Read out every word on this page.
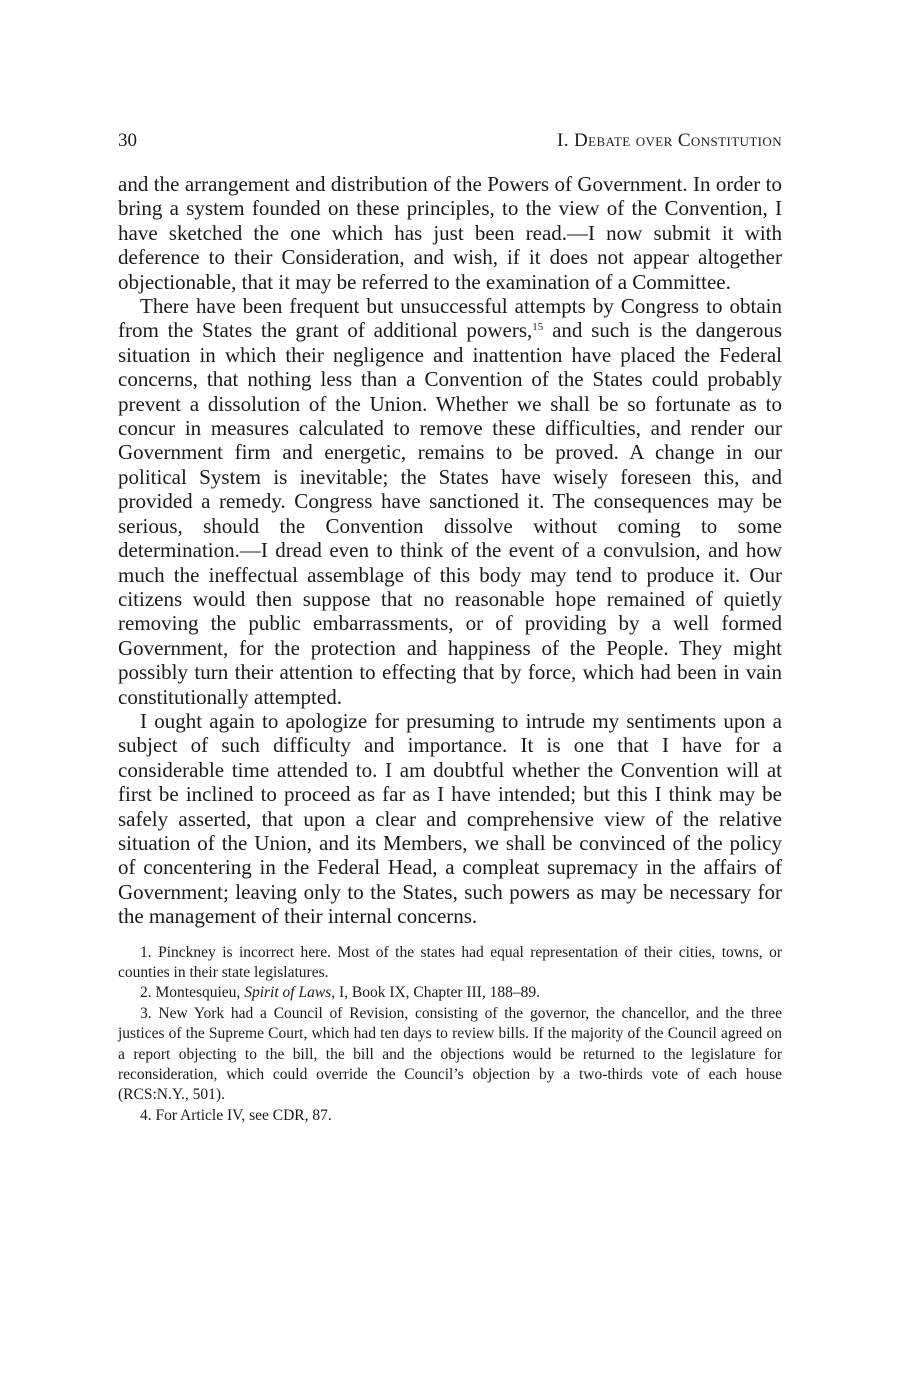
30	I. Debate over Constitution

and the arrangement and distribution of the Powers of Government. In order to bring a system founded on these principles, to the view of the Convention, I have sketched the one which has just been read.—I now submit it with deference to their Consideration, and wish, if it does not appear altogether objectionable, that it may be referred to the examination of a Committee.

There have been frequent but unsuccessful attempts by Congress to obtain from the States the grant of additional powers,$^{15}$ and such is the dangerous situation in which their negligence and inattention have placed the Federal concerns, that nothing less than a Convention of the States could probably prevent a dissolution of the Union. Whether we shall be so fortunate as to concur in measures calculated to remove these difficulties, and render our Government firm and energetic, remains to be proved. A change in our political System is inevitable; the States have wisely foreseen this, and provided a remedy. Congress have sanctioned it. The consequences may be serious, should the Convention dissolve without coming to some determination.—I dread even to think of the event of a convulsion, and how much the ineffectual assemblage of this body may tend to produce it. Our citizens would then suppose that no reasonable hope remained of quietly removing the public embarrassments, or of providing by a well formed Government, for the protection and happiness of the People. They might possibly turn their attention to effecting that by force, which had been in vain constitutionally attempted.

I ought again to apologize for presuming to intrude my sentiments upon a subject of such difficulty and importance. It is one that I have for a considerable time attended to. I am doubtful whether the Convention will at first be inclined to proceed as far as I have intended; but this I think may be safely asserted, that upon a clear and comprehensive view of the relative situation of the Union, and its Members, we shall be convinced of the policy of concentering in the Federal Head, a compleat supremacy in the affairs of Government; leaving only to the States, such powers as may be necessary for the management of their internal concerns.

1. Pinckney is incorrect here. Most of the states had equal representation of their cities, towns, or counties in their state legislatures.

2. Montesquieu, Spirit of Laws, I, Book IX, Chapter III, 188–89.

3. New York had a Council of Revision, consisting of the governor, the chancellor, and the three justices of the Supreme Court, which had ten days to review bills. If the majority of the Council agreed on a report objecting to the bill, the bill and the objections would be returned to the legislature for reconsideration, which could override the Council’s objection by a two-thirds vote of each house (RCS:N.Y., 501).

4. For Article IV, see CDR, 87.
